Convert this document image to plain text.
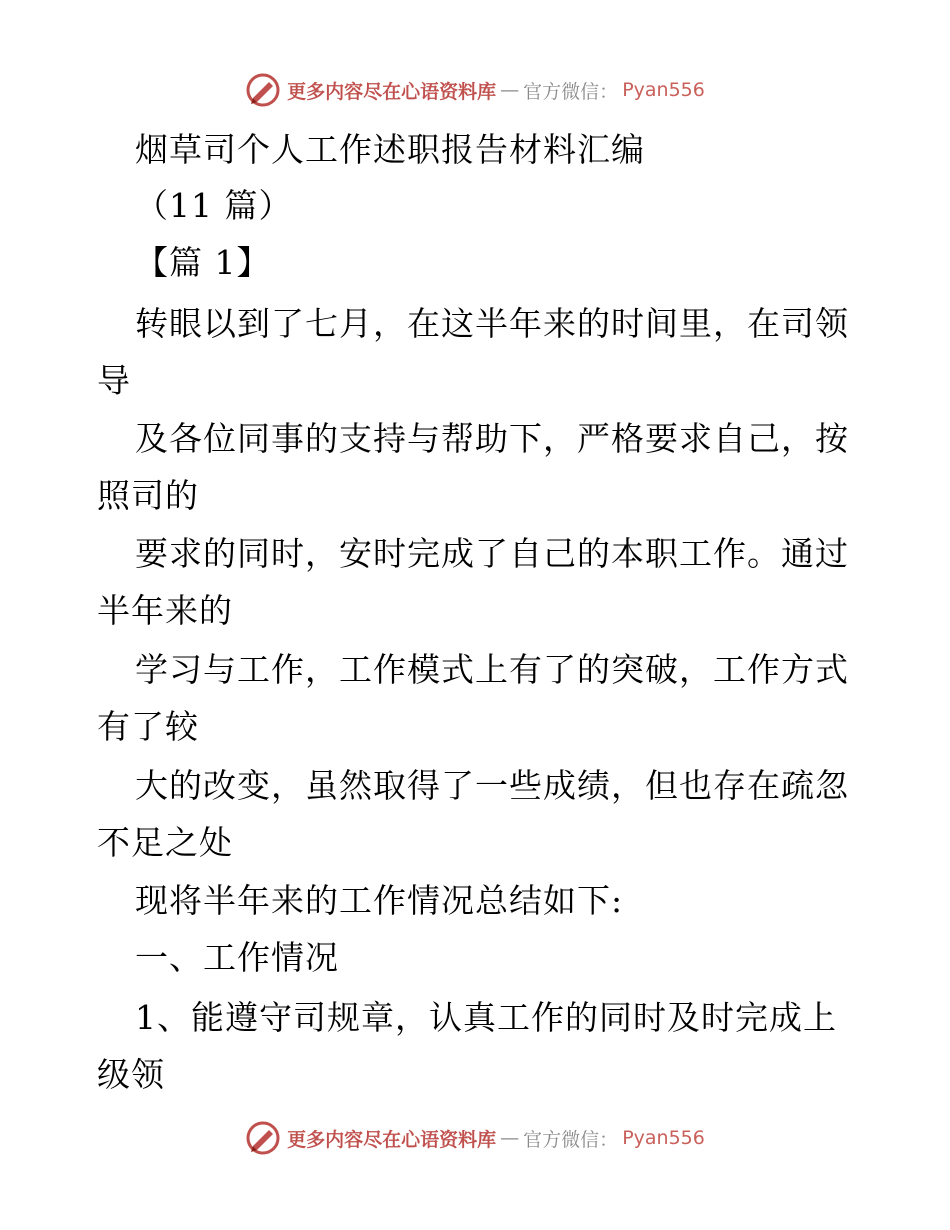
更多内容尽在心语资料库 — 官方微信： Pyan556
烟草司个人工作述职报告材料汇编
（11 篇）
【篇 1】
转眼以到了七月，在这半年来的时间里，在司领
导
及各位同事的支持与帮助下，严格要求自己，按
照司的
要求的同时，安时完成了自己的本职工作。通过
半年来的
学习与工作，工作模式上有了的突破，工作方式
有了较
大的改变，虽然取得了一些成绩，但也存在疏忽
不足之处
现将半年来的工作情况总结如下:
一、工作情况
1、能遵守司规章，认真工作的同时及时完成上
级领
更多内容尽在心语资料库 — 官方微信： Pyan556
